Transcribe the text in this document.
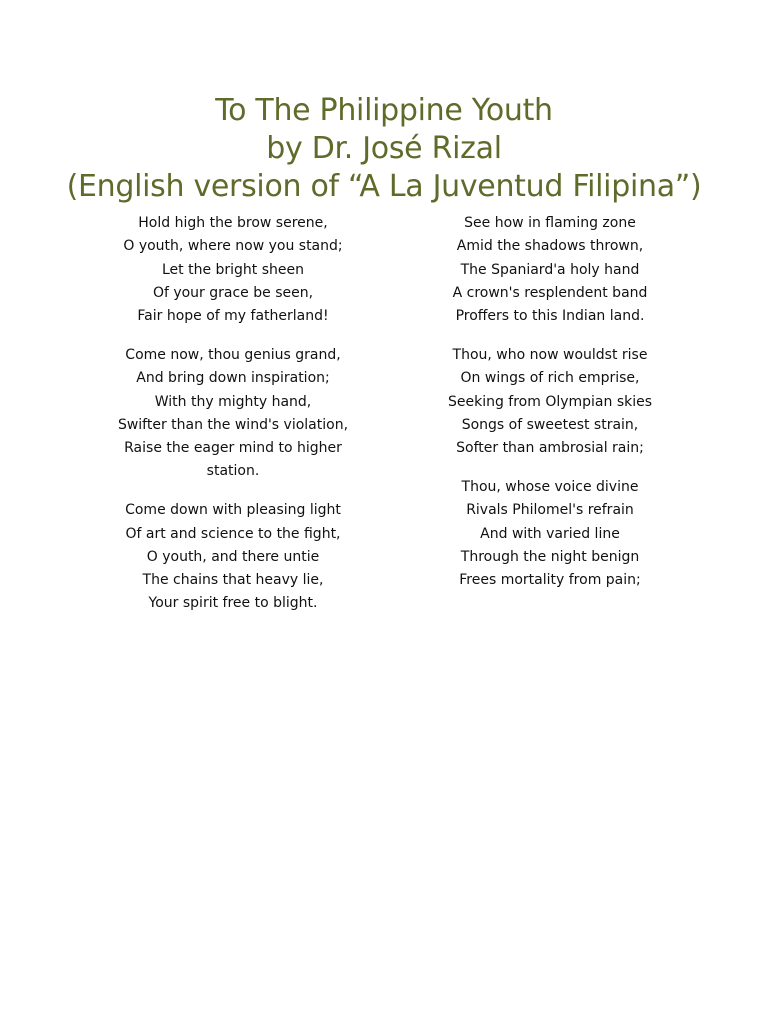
To The Philippine Youth
by Dr. José Rizal
(English version of “A La Juventud Filipina”)
Hold high the brow serene,
O youth, where now you stand;
Let the bright sheen
Of your grace be seen,
Fair hope of my fatherland!
Come now, thou genius grand,
And bring down inspiration;
With thy mighty hand,
Swifter than the wind's violation,
Raise the eager mind to higher
station.
Come down with pleasing light
Of art and science to the fight,
O youth, and there untie
The chains that heavy lie,
Your spirit free to blight.
See how in flaming zone
Amid the shadows thrown,
The Spaniard'a holy hand
A crown's resplendent band
Proffers to this Indian land.
Thou, who now wouldst rise
On wings of rich emprise,
Seeking from Olympian skies
Songs of sweetest strain,
Softer than ambrosial rain;
Thou, whose voice divine
Rivals Philomel's refrain
And with varied line
Through the night benign
Frees mortality from pain;
